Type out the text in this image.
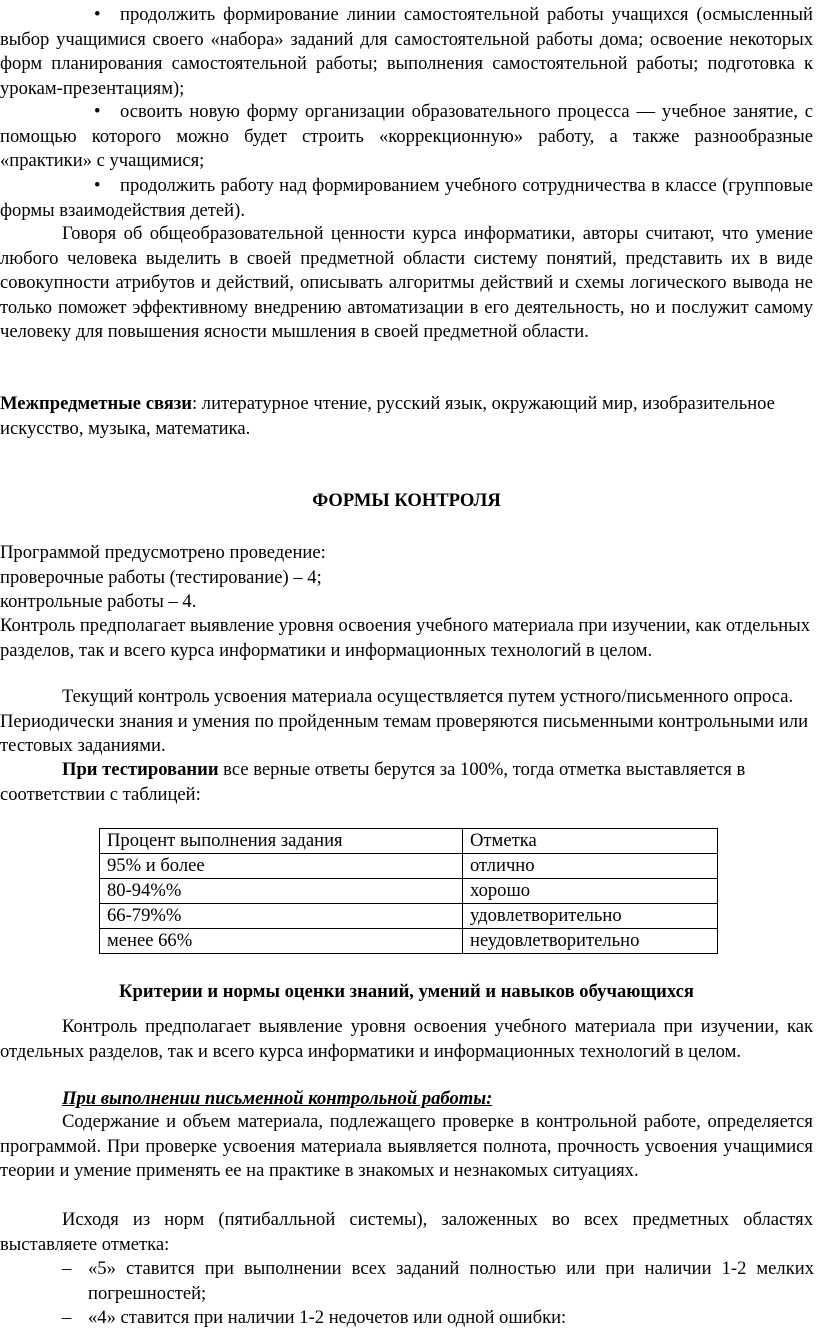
• продолжить формирование линии самостоятельной работы учащихся (осмысленный выбор учащимися своего «набора» заданий для самостоятельной работы дома; освоение некоторых форм планирования самостоятельной работы; выполнения самостоятельной работы; подготовка к урокам-презентациям);

• освоить новую форму организации образовательного процесса — учебное занятие, с помощью которого можно будет строить «коррекционную» работу, а также разнообразные «практики» с учащимися;

• продолжить работу над формированием учебного сотрудничества в классе (групповые формы взаимодействия детей).

Говоря об общеобразовательной ценности курса информатики, авторы считают, что умение любого человека выделить в своей предметной области систему понятий, представить их в виде совокупности атрибутов и действий, описывать алгоритмы действий и схемы логического вывода не только поможет эффективному внедрению автоматизации в его деятельность, но и послужит самому человеку для повышения ясности мышления в своей предметной области.

Межпредметные связи: литературное чтение, русский язык, окружающий мир, изобразительное искусство, музыка, математика.

ФОРМЫ КОНТРОЛЯ

Программой предусмотрено проведение:

проверочные работы (тестирование) – 4;

контрольные работы – 4.

Контроль предполагает выявление уровня освоения учебного материала при изучении, как отдельных разделов, так и всего курса информатики и информационных технологий в целом.

Текущий контроль усвоения материала осуществляется путем устного/письменного опроса. Периодически знания и умения по пройденным темам проверяются письменными контрольными или тестовых заданиями.

При тестировании все верные ответы берутся за 100%, тогда отметка выставляется в соответствии с таблицей:

Процент выполнения задания	Отметка
95% и более	отлично
80-94%%	хорошо
66-79%%	удовлетворительно
менее 66%	неудовлетворительно

Критерии и нормы оценки знаний, умений и навыков обучающихся

Контроль предполагает выявление уровня освоения учебного материала при изучении, как отдельных разделов, так и всего курса информатики и информационных технологий в целом.

При выполнении письменной контрольной работы:

Содержание и объем материала, подлежащего проверке в контрольной работе, определяется программой. При проверке усвоения материала выявляется полнота, прочность усвоения учащимися теории и умение применять ее на практике в знакомых и незнакомых ситуациях.

Исходя из норм (пятибалльной системы), заложенных во всех предметных областях выставляете отметка:

– «5» ставится при выполнении всех заданий полностью или при наличии 1-2 мелких погрешностей;
– «4» ставится при наличии 1-2 недочетов или одной ошибки:
